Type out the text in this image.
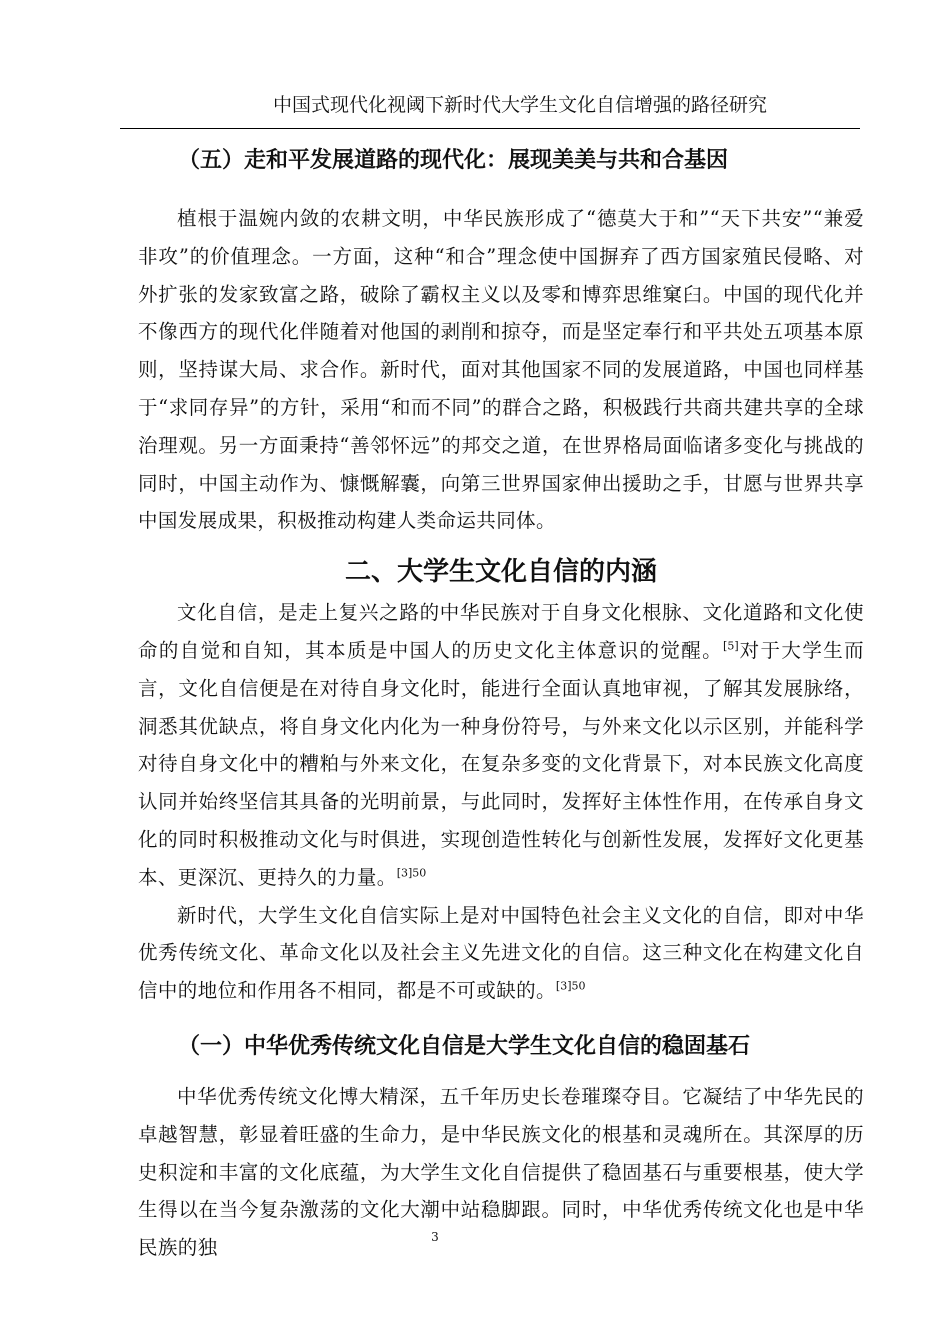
中国式现代化视阈下新时代大学生文化自信增强的路径研究
（五）走和平发展道路的现代化：展现美美与共和合基因

植根于温婉内敛的农耕文明，中华民族形成了“德莫大于和”“天下共安”“兼爱非攻”的价值理念。一方面，这种“和合”理念使中国摒弃了西方国家殖民侵略、对外扩张的发家致富之路，破除了霸权主义以及零和博弈思维窠臼。中国的现代化并不像西方的现代化伴随着对他国的剥削和掠夺，而是坚定奉行和平共处五项基本原则，坚持谋大局、求合作。新时代，面对其他国家不同的发展道路，中国也同样基于“求同存异”的方针，采用“和而不同”的群合之路，积极践行共商共建共享的全球治理观。另一方面秉持“善邻怀远”的邦交之道，在世界格局面临诸多变化与挑战的同时，中国主动作为、慷慨解囊，向第三世界国家伸出援助之手，甘愿与世界共享中国发展成果，积极推动构建人类命运共同体。

二、大学生文化自信的内涵

文化自信，是走上复兴之路的中华民族对于自身文化根脉、文化道路和文化使命的自觉和自知，其本质是中国人的历史文化主体意识的觉醒。[5]对于大学生而言，文化自信便是在对待自身文化时，能进行全面认真地审视，了解其发展脉络，洞悉其优缺点，将自身文化内化为一种身份符号，与外来文化以示区别，并能科学对待自身文化中的糟粕与外来文化，在复杂多变的文化背景下，对本民族文化高度认同并始终坚信其具备的光明前景，与此同时，发挥好主体性作用，在传承自身文化的同时积极推动文化与时俱进，实现创造性转化与创新性发展，发挥好文化更基本、更深沉、更持久的力量。$^{[3]50}$

新时代，大学生文化自信实际上是对中国特色社会主义文化的自信，即对中华优秀传统文化、革命文化以及社会主义先进文化的自信。这三种文化在构建文化自信中的地位和作用各不相同，都是不可或缺的。$^{[3]50}$

（一）中华优秀传统文化自信是大学生文化自信的稳固基石

中华优秀传统文化博大精深，五千年历史长卷璀璨夺目。它凝结了中华先民的卓越智慧，彰显着旺盛的生命力，是中华民族文化的根基和灵魂所在。其深厚的历史积淀和丰富的文化底蕴，为大学生文化自信提供了稳固基石与重要根基，使大学生得以在当今复杂激荡的文化大潮中站稳脚跟。同时，中华优秀传统文化也是中华民族的独	3
